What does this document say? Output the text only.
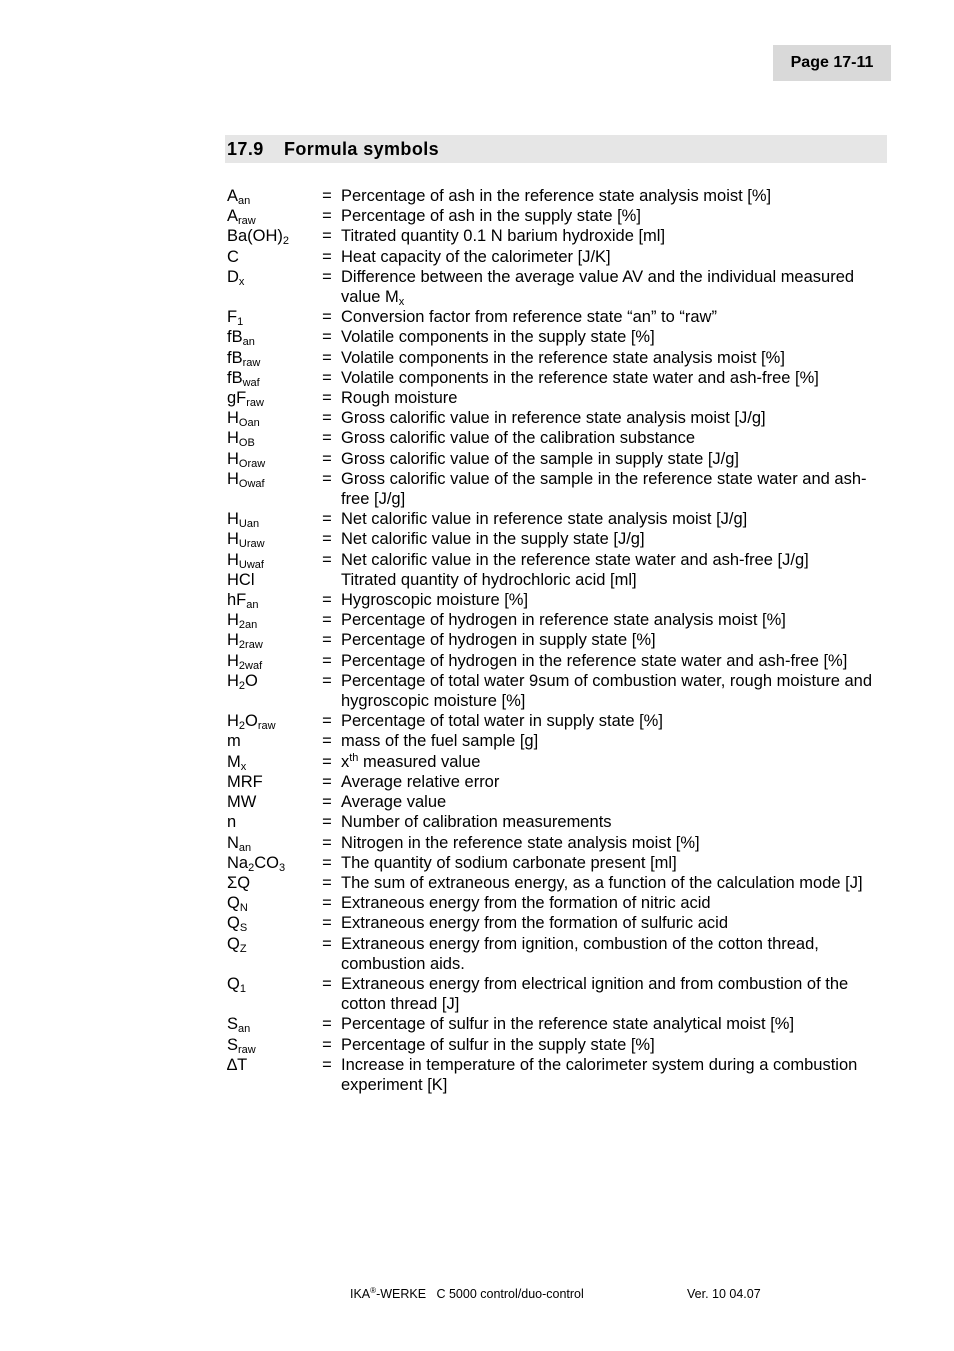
Page 17-11
17.9	Formula symbols
$A_{an}$	= Percentage of ash in the reference state analysis moist [%]
$A_{raw}$	= Percentage of ash in the supply state [%]
$Ba(OH)_2$	= Titrated quantity 0.1 N barium hydroxide [ml]
C	= Heat capacity of the calorimeter [J/K]
$D_x$	= Difference between the average value AV and the individual measured value $M_x$
$F_1$	= Conversion factor from reference state “an” to “raw”
$fB_{an}$	= Volatile components in the supply state [%]
$fB_{raw}$	= Volatile components in the reference state analysis moist [%]
$fB_{waf}$	= Volatile components in the reference state water and ash-free [%]
$gF_{raw}$	= Rough moisture
$H_{Oan}$	= Gross calorific value in reference state analysis moist [J/g]
$H_{OB}$	= Gross calorific value of the calibration substance
$H_{Oraw}$	= Gross calorific value of the sample in supply state [J/g]
$H_{Owaf}$	= Gross calorific value of the sample in the reference state water and ash-free [J/g]
$H_{Uan}$	= Net calorific value in reference state analysis moist [J/g]
$H_{Uraw}$	= Net calorific value in the supply state [J/g]
$H_{Uwaf}$	= Net calorific value in the reference state water and ash-free [J/g]
HCl	Titrated quantity of hydrochloric acid [ml]
$hF_{an}$	= Hygroscopic moisture [%]
$H_{2an}$	= Percentage of hydrogen in reference state analysis moist [%]
$H_{2raw}$	= Percentage of hydrogen in supply state [%]
$H_{2waf}$	= Percentage of hydrogen in the reference state water and ash-free [%]
$H_2O$	= Percentage of total water 9sum of combustion water, rough moisture and hygroscopic moisture [%]
$H_2O_{raw}$	= Percentage of total water in supply state [%]
m	= mass of the fuel sample [g]
$M_x$	= $x^{th}$ measured value
MRF	= Average relative error
MW	= Average value
n	= Number of calibration measurements
$N_{an}$	= Nitrogen in the reference state analysis moist [%]
$Na_2CO_3$	= The quantity of sodium carbonate present [ml]
ΣQ	= The sum of extraneous energy, as a function of the calculation mode [J]
$Q_N$	= Extraneous energy from the formation of nitric acid
$Q_S$	= Extraneous energy from the formation of sulfuric acid
$Q_Z$	= Extraneous energy from ignition, combustion of the cotton thread, combustion aids.
$Q_1$	= Extraneous energy from electrical ignition and from combustion of the cotton thread [J]
$S_{an}$	= Percentage of sulfur in the reference state analytical moist [%]
$S_{raw}$	= Percentage of sulfur in the supply state [%]
∆T	= Increase in temperature of the calorimeter system during a combustion experiment [K]
IKA®-WERKE   C 5000 control/duo-control	Ver. 10 04.07
